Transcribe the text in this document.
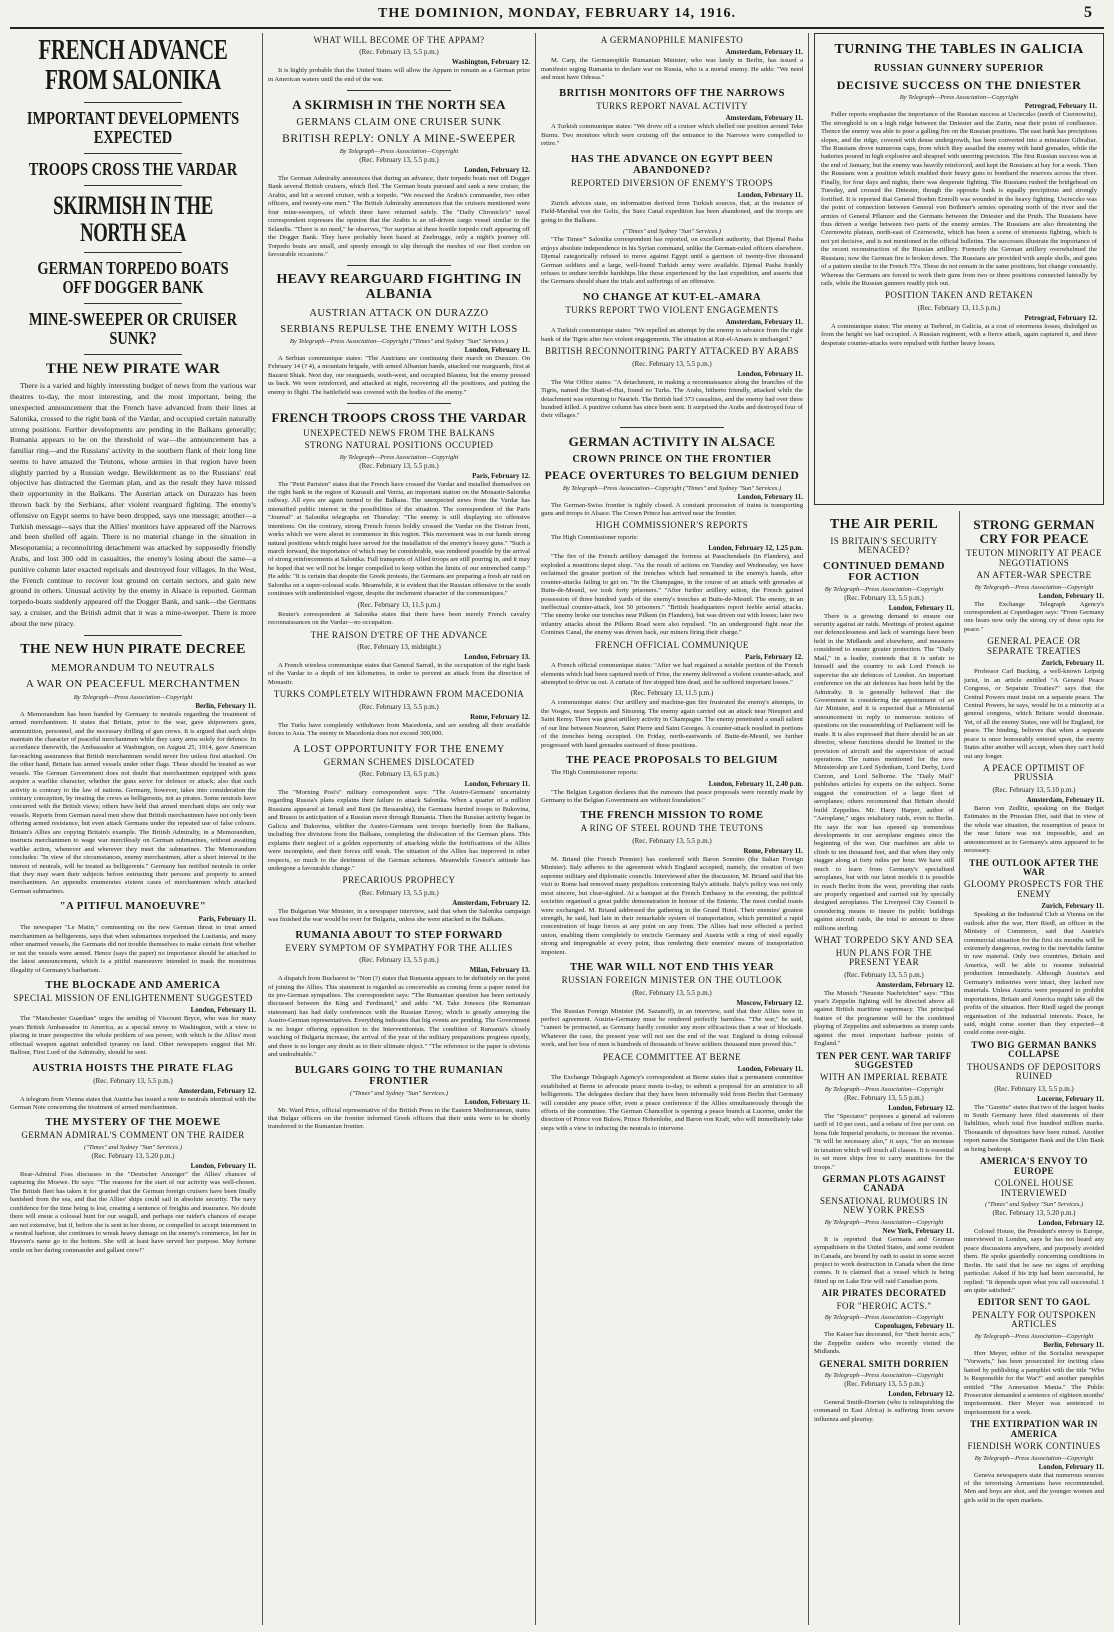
THE DOMINION, MONDAY, FEBRUARY 14, 1916.	5

FRENCH ADVANCE FROM SALONIKA

IMPORTANT DEVELOPMENTS EXPECTED

TROOPS CROSS THE VARDAR

SKIRMISH IN THE NORTH SEA

GERMAN TORPEDO BOATS OFF DOGGER BANK

MINE-SWEEPER OR CRUISER SUNK?

THE NEW PIRATE WAR

There is a varied and highly interesting budget of news from the various war theatres to-day, the most interesting, and the most important, being the unexpected announcement that the French have advanced from their lines at Salonika, crossed to the right bank of the Vardar, and occupied certain naturally strong positions. Further developments are pending in the Balkans generally; Rumania appears to be on the threshold of war—the announcement has a familiar ring—and the Russians' activity in the southern flank of their long line seems to have amazed the Teutons, whose armies in that region have been slightly parried by a Russian wedge. Bewilderment as to the Russians' real objective has distracted the German plan, and as the result they have missed their opportunity in the Balkans. The Austrian attack on Durazzo has been thrown back by the Serbians, after violent rearguard fighting. The enemy's offensive on Egypt seems to have been dropped, says one message; another—a Turkish message—says that the Allies' monitors have appeared off the Narrows and been shelled off again. There is no material change in the situation in Mesopotamia; a reconnoitring detachment was attacked by supposedly friendly Arabs, and lost 300 odd in casualties, the enemy's losing about the same—a punitive column later exacted reprisals and destroyed four villages. In the West, the French continue to recover lost ground on certain sectors, and gain new ground in others. Unusual activity by the enemy in Alsace is reported. German torpedo-boats suddenly appeared off the Dogger Bank, and sank—the Germans say, a cruiser, and the British admit that it was a mine-sweeper. There is more about the new piracy.

THE NEW HUN PIRATE DECREE

MEMORANDUM TO NEUTRALS

A WAR ON PEACEFUL MERCHANTMEN

By Telegraph—Press Association—Copyright

Berlin, February 11.

A Memorandum has been handed by Germany to neutrals regarding the treatment of armed merchantmen. It states that Britain, prior to the war, gave shipowners guns, ammunition, personnel, and the necessary drilling of gun crews. It is argued that such ships maintain the character of peaceful merchantmen while they carry arms solely for defence. In accordance therewith, the Ambassador at Washington, on August 25, 1914, gave American far-reaching assurances that British merchantmen would never fire unless first attacked. On the other hand, Britain has armed vessels under other flags. These should be treated as war vessels. The German Government does not doubt that merchantmen equipped with guns acquire a warlike character, whether the guns serve for defence or attack; also that such activity is contrary to the law of nations. Germany, however, takes into consideration the contrary conception, by treating the crews as belligerents, not as pirates. Some neutrals have concurred with the British views; others have held that armed merchant ships are only war vessels. Reports from German naval men show that British merchantmen have not only been offering armed resistance, but even attack Germans under the repeated use of false colours. Britain's Allies are copying Britain's example. The British Admiralty, in a Memorandum, instructs merchantmen to wage war mercilessly on German submarines, without awaiting warlike action, whenever and wherever they meet the submarines. The Memorandum concludes: "In view of the circumstances, enemy merchantmen, after a short interval in the interest of neutrals, will be treated as belligerents." Germany has notified neutrals in order that they may warn their subjects before entrusting their persons and property to armed merchantmen. An appendix enumerates sixteen cases of merchantmen which attacked German submarines.

"A PITIFUL MANOEUVRE"

Paris, February 11.

The newspaper "Le Matin," commenting on the new German threat to treat armed merchantmen as belligerents, says that when submarines torpedoed the Lusitania, and many other unarmed vessels, the Germans did not trouble themselves to make certain first whether or not the vessels were armed. Hence (says the paper) no importance should be attached to the latest announcement, which is a pitiful manoeuvre intended to mask the monstrous illegality of Germany's barbarism.

THE BLOCKADE AND AMERICA

SPECIAL MISSION OF ENLIGHTENMENT SUGGESTED

London, February 11.

The "Manchester Guardian" urges the sending of Viscount Bryce, who was for many years British Ambassador in America, as a special envoy to Washington, with a view to placing in truer perspective the whole problem of sea power, with which is the Allies' most effectual weapon against unbridled tyranny on land. Other newspapers suggest that Mr. Balfour, First Lord of the Admiralty, should be sent.

AUSTRIA HOISTS THE PIRATE FLAG

(Rec. February 13, 5.5 p.m.)

Amsterdam, February 12.

A telegram from Vienna states that Austria has issued a note to neutrals identical with the German Note concerning the treatment of armed merchantmen.

THE MYSTERY OF THE MOEWE

GERMAN ADMIRAL'S COMMENT ON THE RAIDER

("Times" and Sydney "Sun" Services.)

(Rec. February 13, 5.20 p.m.)

London, February 11.

Rear-Admiral Foss discusses in the "Deutscher Anzeiger" the Allies' chances of capturing the Moewe. He says: "The reasons for the start of our activity was well-chosen. The British fleet has taken it for granted that the German foreign cruisers have been finally banished from the sea, and that the Allies' ships could sail in absolute security. The navy confidence for the time being is lost, creating a sentence of freights and insurance. No doubt there will ensue a colossal hunt for our seagull, and perhaps our raider's chances of escape are not extensive, but if, before she is sent to her doom, or compelled to accept internment in a neutral harbour, she continues to wreak heavy damage on the enemy's commerce, let her in Heaven's name go to the bottom. She will at least have served her purpose. May fortune smile on her daring commander and gallant crew!"

WHAT WILL BECOME OF THE APPAM?

(Rec. February 13, 5.5 p.m.)

Washington, February 12.

It is highly probable that the United States will allow the Appam to remain as a German prize in American waters until the end of the war.

A SKIRMISH IN THE NORTH SEA

GERMANS CLAIM ONE CRUISER SUNK

BRITISH REPLY: ONLY A MINE-SWEEPER

By Telegraph—Press Association—Copyright

(Rec. February 13, 5.5 p.m.)

London, February 12.

The German Admiralty announces that during an advance, their torpedo boats met off Dogger Bank several British cruisers, which fled. The German boats pursued and sank a new cruiser, the Arabis, and hit a second cruiser, with a torpedo. "We rescued the Arabis's commander, two other officers, and twenty-one men." The British Admiralty announces that the cruisers mentioned were four mine-sweepers, of which three have returned safely. The "Daily Chronicle's" naval correspondent expresses the opinion that the Arabis is an oil-driven cargo vessel similar to the Selandia. "There is no need," he observes, "for surprise at these hostile torpedo craft appearing off the Dogger Bank. They have probably been based at Zeebrugge, only a night's journey off. Torpedo boats are small, and speedy enough to slip through the meshes of our fleet cordon on favourable occasions."

HEAVY REARGUARD FIGHTING IN ALBANIA

AUSTRIAN ATTACK ON DURAZZO

SERBIANS REPULSE THE ENEMY WITH LOSS

By Telegraph—Press Association—Copyright ("Times" and Sydney "Sun" Services.)

London, February 11.

A Serbian communique states: "The Austrians are continuing their march on Durazzo. On February 14 (? 4), a mountain brigade, with armed Albanian bands, attacked our rearguards, first at Bazarsi Shiak. Next day, our rearguards, south-west, and occupied Blasmu, but the enemy pressed us back. We were reinforced, and attacked at night, recovering all the positions, and putting the enemy to flight. The battlefield was covered with the bodies of the enemy."

FRENCH TROOPS CROSS THE VARDAR

UNEXPECTED NEWS FROM THE BALKANS

STRONG NATURAL POSITIONS OCCUPIED

By Telegraph—Press Association—Copyright

(Rec. February 13, 5.5 p.m.)

Paris, February 12.

The "Petit Parisien" states that the French have crossed the Vardar and installed themselves on the right bank in the region of Karasuli and Verria, an important station on the Monastir-Salonika railway. All eyes are again turned to the Balkans. The unexpected news from the Vardar has intensified public interest in the possibilities of the situation. The correspondent of the Paris "Journal" at Salonika telegraphs on Thursday: "The enemy is still displaying no offensive intentions. On the contrary, strong French forces boldly crossed the Vardar on the Doiran front, works which we were about to commence in this region. This movement was in our hands strong natural positions which might have served for the installation of the enemy's heavy guns." "Such a march forward, the importance of which may be considerable, was rendered possible by the arrival of strong reinforcements at Salonika. Full transports of Allied troops are still pouring in, and it may be hoped that we will not be longer compelled to keep within the limits of our entrenched camp." He adds: "It is certain that despite the Greek protests, the Germans are preparing a fresh air raid on Salonika on a super-colossal scale. Meanwhile, it is evident that the Russian offensive in the south continues with undiminished vigour, despite the inclement character of the communiques."

(Rec. February 13, 11.5 p.m.)

Reuter's correspondent at Salonika states that there have been merely French cavalry reconnaissances on the Vardar—no occupation.

THE RAISON D'ETRE OF THE ADVANCE

(Rec. February 13, midnight.)

London, February 13.

A French wireless communique states that General Sarrail, in the occupation of the right bank of the Vardar to a depth of ten kilometres, in order to prevent an attack from the direction of Monastir.

TURKS COMPLETELY WITHDRAWN FROM MACEDONIA

(Rec. February 13, 5.5 p.m.)

Rome, February 12.

The Turks have completely withdrawn from Macedonia, and are sending all their available forces to Asia. The enemy in Macedonia does not exceed 300,000.

A LOST OPPORTUNITY FOR THE ENEMY

GERMAN SCHEMES DISLOCATED

(Rec. February 13, 6.5 p.m.)

London, February 11.

The "Morning Post's" military correspondent says: "The Austro-Germans' uncertainty regarding Russia's plans explains their failure to attack Salonika. When a quarter of a million Russians appeared at Ismail and Reni (in Bessarabia), the Germans hurried troops to Bukovina, and Brasso in anticipation of a Russian move through Rumania. Then the Russian activity began in Galicia and Bukovina, whither the Austro-Germans sent troops hurriedly from the Balkans, including five divisions from the Balkans, completing the dislocation of the German plans. This explains their neglect of a golden opportunity of attacking while the fortifications of the Allies were incomplete, and their forces still weak. The situation of the Allies has improved in other respects, so much to the detriment of the German schemes. Meanwhile Greece's attitude has undergone a favourable change."

PRECARIOUS PROPHECY

(Rec. February 13, 5.5 p.m.)

Amsterdam, February 12.

The Bulgarian War Minister, in a newspaper interview, said that when the Salonika campaign was finished the war would be over for Bulgaria, unless she were attacked in the Balkans.

RUMANIA ABOUT TO STEP FORWARD

EVERY SYMPTOM OF SYMPATHY FOR THE ALLIES

(Rec. February 13, 5.5 p.m.)

Milan, February 13.

A dispatch from Bucharest to "Non (?) states that Rumania appears to be definitely on the point of joining the Allies. This statement is regarded as conceivable as coming from a paper noted for its pro-German sympathies. The correspondent says: "The Rumanian question has been seriously discussed between the King and Ferdinand," and adds: "M. Take Jonescu (the Rumanian statesman) has had daily conferences with the Russian Envoy, which is greatly annoying the Austro-German representatives. Everything indicates that big events are pending. The Government is no longer offering opposition to the Interventionists. The condition of Rumania's closely watching of Bulgaria increase, the arrival of the year of the military preparations progress openly, and there is no longer any doubt as to their ultimate object." "The reference to the paper is obvious and undoubtable."

BULGARS GOING TO THE RUMANIAN FRONTIER

("Times" and Sydney "Sun" Services.)

London, February 11.

Mr. Ward Price, official representative of the British Press in the Eastern Mediterranean, states that Bulgar officers on the frontier informed Greek officers that their units were to be shortly transferred to the Rumanian frontier.

A GERMANOPHILE MANIFESTO

Amsterdam, February 11.

M. Carp, the Germanophile Rumanian Minister, who was lately in Berlin, has issued a manifesto urging Rumania to declare war on Russia, who is a mortal enemy. He adds: "We need and must have Odessa."

BRITISH MONITORS OFF THE NARROWS

TURKS REPORT NAVAL ACTIVITY

Amsterdam, February 11.

A Turkish communique states: "We drove off a cruiser which shelled our position around Teke Burnu. Two monitors which were cruising off the entrance to the Narrows were compelled to retire."

HAS THE ADVANCE ON EGYPT BEEN ABANDONED?

REPORTED DIVERSION OF ENEMY'S TROOPS

London, February 11.

Zurich advices state, on information derived from Turkish sources, that, at the instance of Field-Marshal von der Goltz, the Suez Canal expedition has been abandoned, and the troops are going to the Balkans.

("Times" and Sydney "Sun" Services.)

"The Times'" Salonika correspondent has reported, on excellent authority, that Djemal Pasha enjoys absolute independence in his Syrian command, unlike the German-ruled officers elsewhere. Djemal categorically refused to move against Egypt until a garrison of twenty-five thousand German soldiers and a large, well-found Turkish army were available. Djemal Pasha frankly refuses to endure terrible hardships like those experienced by the last expedition, and asserts that the Germans should share the trials and sufferings of an offensive.

NO CHANGE AT KUT-EL-AMARA

TURKS REPORT TWO VIOLENT ENGAGEMENTS

Amsterdam, February 11.

A Turkish communique states: "We repelled an attempt by the enemy to advance from the right bank of the Tigris after two violent engagements. The situation at Kut-el-Amara is unchanged."

BRITISH RECONNOITRING PARTY ATTACKED BY ARABS

(Rec. February 13, 5.5 p.m.)

London, February 11.

The War Office states: "A detachment, in making a reconnaissance along the branches of the Tigris, named the Shatt-el-Hai, found no Turks. The Arabs, hitherto friendly, attacked while the detachment was returning to Nasrieh. The British had 373 casualties, and the enemy had over three hundred killed. A punitive column has since been sent. It surprised the Arabs and destroyed four of their villages."

GERMAN ACTIVITY IN ALSACE

CROWN PRINCE ON THE FRONTIER

PEACE OVERTURES TO BELGIUM DENIED

By Telegraph—Press Association—Copyright ("Times" and Sydney "Sun" Services.)

London, February 11.

The German-Swiss frontier is tightly closed. A constant procession of trains is transporting guns and troops to Alsace. The Crown Prince has arrived near the frontier.

HIGH COMMISSIONER'S REPORTS

The High Commissioner reports:

London, February 12, 1.25 p.m.

"The fire of the French artillery damaged the fortress at Passchendaele (in Flanders), and exploded a munitions depot shop. "As the result of actions on Tuesday and Wednesday, we have reclaimed the greater portion of the trenches which had remained in the enemy's hands, after counter-attacks failing to get on. "In the Champagne, in the course of an attack with grenades at Butte-de-Mesnil, we took forty prisoners." "After further artillery action, the French gained possession of three hundred yards of the enemy's trenches at Butte-de-Mesnil. The enemy, in an ineffectual counter-attack, lost 50 prisoners." "British headquarters report feeble aerial attacks. "The enemy broke our trenches near Pilkem (in Flanders), but was driven out with losses; later two infantry attacks about the Pilkem Road were also repulsed. "In an underground fight near the Comines Canal, the enemy was driven back, our miners firing their charge."

FRENCH OFFICIAL COMMUNIQUE

Paris, February 12.

A French official communique states: "After we had regained a notable portion of the French elements which had been captured north of Frise, the enemy delivered a violent counter-attack, and attempted to drive us out. A curtain of fire stopped him dead, and he suffered important losses."

(Rec. February 13, 11.5 p.m.)

A communique states: Our artillery and machine-gun fire frustrated the enemy's attempts, in the Vosges, near Seppois and Sitsuong. The enemy again carried out an attack near Nieuport and Saint Remy. There was great artillery activity in Champagne. The enemy penetrated a small salient of our line between Nouvron, Saint Pierre and Saint Georges. A counter-attack resulted in portions of the trenches being occupied. On Friday, north-eastwards of Butte-de-Mesnil, we further progressed with hand grenades eastward of these positions.

THE PEACE PROPOSALS TO BELGIUM

The High Commissioner reports:

London, February 11, 2.40 p.m.

"The Belgian Legation declares that the rumours that peace proposals were recently made by Germany to the Belgian Government are without foundation."

THE FRENCH MISSION TO ROME

A RING OF STEEL ROUND THE TEUTONS

(Rec. February 13, 5.5 p.m.)

Rome, February 11.

M. Briand (the French Premier) has conferred with Baron Sonnino (the Italian Foreign Minister). Italy adheres to the agreement which England accepted, namely, the creation of two supreme military and diplomatic councils. Interviewed after the discussion, M. Briand said that his visit to Rome had removed many prejudices concerning Italy's attitude. Italy's policy was not only most sincere, but clear-sighted. At a banquet at the French Embassy in the evening, the political societies organised a great public demonstration in honour of the Entente. The most cordial toasts were exchanged. M. Briand addressed the gathering in the Grand Hotel. Their enemies' greatest strength, he said, had lain in their remarkable system of transportation, which permitted a rapid concentration of huge forces at any point on any front. The Allies had now effected a perfect union, enabling them completely to encircle Germany and Austria with a ring of steel equally strong and impregnable at every point, thus rendering their enemies' means of transportation impotent.

THE WAR WILL NOT END THIS YEAR

RUSSIAN FOREIGN MINISTER ON THE OUTLOOK

(Rec. February 13, 5.5 p.m.)

Moscow, February 12.

The Russian Foreign Minister (M. Sazanoff), in an interview, said that their Allies were in perfect agreement. Austria-Germany must be rendered perfectly harmless. "The war," he said, "cannot be protracted, as Germany hardly consider any more efficacious than a war of blockade. Whatever the case, the present year will not see the end of the war. England is doing colossal work, and her loss of men is hundreds of thousands of brave soldiers thousand men proved this."

PEACE COMMITTEE AT BERNE

London, February 11.

The Exchange Telegraph Agency's correspondent at Berne states that a permanent committee established at Berne to advocate peace meets to-day, to submit a proposal for an armistice to all belligerents. The delegates declare that they have been informally told from Berlin that Germany will consider any peace offer, even a peace conference if the Allies simultaneously through the efforts of the committee. The German Chancellor is opening a peace branch at Lucerne, under the direction of Prince von Bulow, Prince Hohenlohe, and Baron von Kraft, who will immediately take steps with a view to inducing the neutrals to intervene.

TURNING THE TABLES IN GALICIA

RUSSIAN GUNNERY SUPERIOR

DECISIVE SUCCESS ON THE DNIESTER

By Telegraph—Press Association—Copyright

Petrograd, February 11.

Fuller reports emphasise the importance of the Russian success at Uscieczko (north of Czernowitz). The stronghold is on a high ridge between the Dniester and the Zurin, near their point of confluence. Thence the enemy was able to pour a galling fire on the Russian positions. The east bank has precipitous slopes, and the ridge, covered with dense undergrowth, has been converted into a miniature Gibraltar. The Russians drove numerous caps, from which they assailed the enemy with hand grenades, while the batteries poured in high explosive and shrapnel with unerring precision. The first Russian success was at the end of January, but the enemy was heavily reinforced, and kept the Russians at bay for a week. Then the Russians won a position which enabled their heavy guns to bombard the reserves across the river. Finally, for four days and nights, there was desperate fighting. The Russians rushed the bridgehead on Tuesday, and crossed the Dniester, though the opposite bank is equally precipitous and strongly fortified. It is reported that General Boehm Ermolli was wounded in the heavy fighting. Uscieczko was the point of connection between General von Bothmer's armies operating north of the river and the armies of General Pflanzer and the Germans between the Dniester and the Pruth. The Russians have thus driven a wedge between two parts of the enemy armies. The Russians are also threatening the Czernowitz plateau, north-east of Czernowitz, which has been a scene of strenuous fighting, which is not yet decisive, and is not mentioned in the official bulletins. The successes illustrate the importance of the recent reconstruction of the Russian artillery. Formerly the German artillery overwhelmed the Russians; now the German fire is broken down. The Russians are provided with ample shells, and guns of a pattern similar to the French 75's. These do not remain in the same positions, but change constantly. Whereas the Germans are forced to work their guns from two or three positions connected laterally by rails, while the Russian gunners readily pick out.

POSITION TAKEN AND RETAKEN

(Rec. February 13, 11.5 p.m.)

Petrograd, February 12.

A communique states: The enemy at Tsebrod, in Galicia, at a cost of enormous losses, dislodged us from the height we had occupied. A Russian regiment, with a fierce attack, again captured it, and three desperate counter-attacks were repulsed with further heavy losses.

THE AIR PERIL

IS BRITAIN'S SECURITY MENACED?

CONTINUED DEMAND FOR ACTION

By Telegraph—Press Association—Copyright

(Rec. February 13, 5.5 p.m.)

London, February 11.

There is a growing demand to ensure our security against air raids. Meetings of protest against our defencelessness and lack of warnings have been held in the Midlands and elsewhere, and measures considered to ensure greater protection. The "Daily Mail," in a leader, contends that it is unfair to himself and the country to ask Lord French to supervise the air defences of London. An important conference on the air defences has been held by the Admiralty. It is generally believed that the Government is considering the appointment of an Air Minister, and it is expected that a Ministerial announcement in reply to numerous notices of questions on the reassembling of Parliament will be made. It is also expressed that there should be an air director, whose functions should be limited to the provision of aircraft and the supervision of actual operations. The names mentioned for the new Ministership are Lord Sydenham, Lord Derby, Lord Curzon, and Lord Selborne. The "Daily Mail" publishes articles by experts on the subject. Some suggest the construction of a large fleet of aeroplanes; others recommend that Britain should build Zeppelins. Mr. Harry Harper, author of "Aeroplane," urges retaliatory raids, even to Berlin. He says the war has opened up tremendous developments in our aeroplane engines since the beginning of the war. Our machines are able to climb to ten thousand feet, and that when they only stagger along at forty miles per hour. We have still much to learn from Germany's specialised aeroplanes, but with our latest models it is possible to reach Berlin from the west, providing that raids are properly organised and carried out by specially designed aeroplanes. The Liverpool City Council is considering means to insure its public buildings against aircraft raids, the total to amount to three millions sterling.

WHAT TORPEDO SKY AND SEA

HUN PLANS FOR THE PRESENT YEAR

(Rec. February 13, 5.5 p.m.)

Amsterdam, February 12.

The Munich "Neueste Nachrichten" says: "This year's Zeppelin fighting will be directed above all against British maritime supremacy. The principal feature of the programme will be the combined playing of Zeppelins and submarines as trump cards against the most important harbour points of England."

TEN PER CENT. WAR TARIFF SUGGESTED

WITH AN IMPERIAL REBATE

By Telegraph—Press Association—Copyright

(Rec. February 13, 5.5 p.m.)

London, February 12.

The "Spectator" proposes a general ad valorem tariff of 10 per cent., and a rebate of five per cent. on bona fide Imperial products, to increase the revenue. "It will be necessary also," it says, "for an increase in taxation which will touch all classes. It is essential to set more ships free to carry munitions for the troops."

GERMAN PLOTS AGAINST CANADA

SENSATIONAL RUMOURS IN NEW YORK PRESS

By Telegraph—Press Association—Copyright

New York, February 11.

It is reported that Germans and German sympathisers in the United States, and some resident in Canada, are bound by oath to assist in some secret project to work destruction in Canada when the time comes. It is claimed that a vessel which is being fitted up on Lake Erie will raid Canadian ports.

AIR PIRATES DECORATED

FOR "HEROIC ACTS."

By Telegraph—Press Association—Copyright

Copenhagen, February 11.

The Kaiser has decorated, for "their heroic acts," the Zeppelin raiders who recently visited the Midlands.

GENERAL SMITH DORRIEN

By Telegraph—Press Association—Copyright

(Rec. February 13, 5.5 p.m.)

London, February 12.

General Smith-Dorrien (who is relinquishing the command in East Africa) is suffering from severe influenza and pleurisy.

STRONG GERMAN CRY FOR PEACE

TEUTON MINORITY AT PEACE NEGOTIATIONS

AN AFTER-WAR SPECTRE

By Telegraph—Press Association—Copyright

London, February 11.

The Exchange Telegraph Agency's correspondent at Copenhagen says: "From Germany one hears now only the strong cry of these opts for peace."

GENERAL PEACE OR SEPARATE TREATIES

Zurich, February 11.

Professor Carl Bucking, a well-known Leipsig jurist, in an article entitled "A General Peace Congress, or Separate Treaties?" says that the Central Powers must insist on a separate peace. The Central Powers, he says, would be in a minority at a general congress, which Britain would dominate. Yet, of all the enemy States, one will be England, for peace. The binding, believes that when a separate peace is once honourably entered upon, the enemy States after another will accept, when they can't hold out any longer.

A PEACE OPTIMIST OF PRUSSIA

(Rec. February 13, 5.10 p.m.)

Amsterdam, February 11.

Baron von Zedlitz, speaking on the Budget Estimates in the Prussian Diet, said that in view of the whole war situation, the resumption of peace in the near future was not impossible, and an announcement as to Germany's aims appeared to be necessary.

THE OUTLOOK AFTER THE WAR

GLOOMY PROSPECTS FOR THE ENEMY

Zurich, February 11.

Speaking at the Industrial Club at Vienna on the outlook after the war, Herr Riedl, an officer in the Ministry of Commerce, said that Austria's commercial situation for the first six months will be extremely dangerous, owing to the inevitable famine in raw material. Only two countries, Britain and America, will be able to resume industrial production immediately. Although Austria's and Germany's industries were intact, they lacked raw materials. Unless Austria were prepared to prohibit importations, Britain and America might take all the profits of the situation. Herr Riedl urged the prompt organisation of the industrial interests. Peace, he said, might come sooner than they expected—it could come over-night.

TWO BIG GERMAN BANKS COLLAPSE

THOUSANDS OF DEPOSITORS RUINED

(Rec. February 13, 5.5 p.m.)

Lucerne, February 11.

The "Gazette" states that two of the largest banks in South Germany have filed statements of their liabilities, which total five hundred million marks. Thousands of depositors have been ruined. Another report names the Stuttgarter Bank and the Ulm Bank as being bankrupt.

AMERICA'S ENVOY TO EUROPE

COLONEL HOUSE INTERVIEWED

("Times" and Sydney "Sun" Services.)

(Rec. February 13, 5.20 p.m.)

London, February 12.

Colonel House, the President's envoy to Europe, interviewed in London, says he has not heard any peace discussions anywhere, and purposely avoided them. He spoke guardedly concerning conditions in Berlin. He said that he saw no signs of anything particular. Asked if his trip had been successful, he replied: "It depends upon what you call successful. I am quite satisfied."

EDITOR SENT TO GAOL

PENALTY FOR OUTSPOKEN ARTICLES

By Telegraph—Press Association—Copyright

Berlin, February 11.

Herr Meyer, editor of the Socialist newspaper "Vorwarts," has been prosecuted for inciting class hatred by publishing a pamphlet with the title "Who Is Responsible for the War?" and another pamphlet entitled "The Annexation Mania." The Public Prosecutor demanded a sentence of eighteen months' imprisonment. Herr Meyer was sentenced to imprisonment for a week.

THE EXTIRPATION WAR IN AMERICA

FIENDISH WORK CONTINUES

By Telegraph—Press Association—Copyright

London, February 11.

Geneva newspapers state that numerous sources of the terrorising Armenians have recommended. Men and boys are shot, and the younger women and girls sold in the open markets.
